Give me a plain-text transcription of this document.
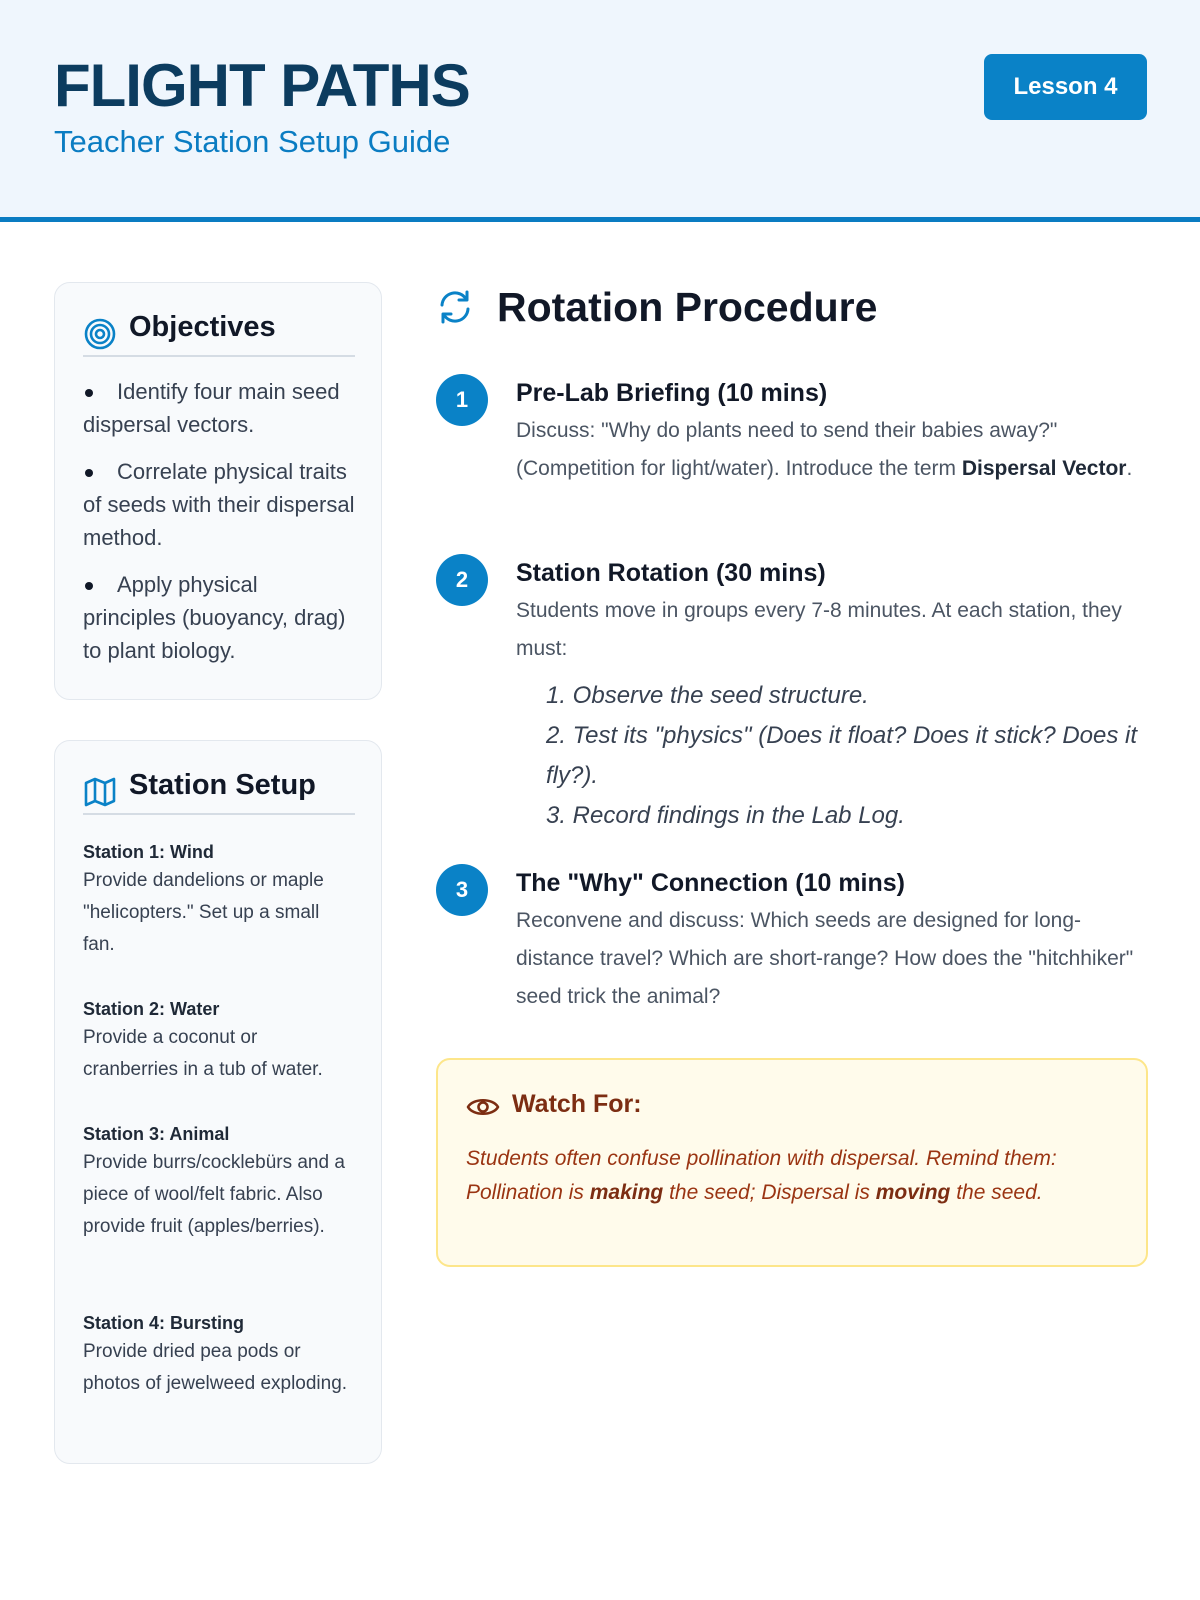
FLIGHT PATHS
Teacher Station Setup Guide
Lesson 4
Objectives
Identify four main seed dispersal vectors.
Correlate physical traits of seeds with their dispersal method.
Apply physical principles (buoyancy, drag) to plant biology.
Station Setup
Station 1: Wind
Provide dandelions or maple "helicopters." Set up a small fan.
Station 2: Water
Provide a coconut or cranberries in a tub of water.
Station 3: Animal
Provide burrs/cocklebürs and a piece of wool/felt fabric. Also provide fruit (apples/berries).
Station 4: Bursting
Provide dried pea pods or photos of jewelweed exploding.
Rotation Procedure
1	Pre-Lab Briefing (10 mins)
Discuss: "Why do plants need to send their babies away?" (Competition for light/water). Introduce the term Dispersal Vector.
2	Station Rotation (30 mins)
Students move in groups every 7-8 minutes. At each station, they must:
1. Observe the seed structure.
2. Test its "physics" (Does it float? Does it stick? Does it fly?).
3. Record findings in the Lab Log.
3	The "Why" Connection (10 mins)
Reconvene and discuss: Which seeds are designed for long-distance travel? Which are short-range? How does the "hitchhiker" seed trick the animal?
Watch For:
Students often confuse pollination with dispersal. Remind them: Pollination is making the seed; Dispersal is moving the seed.
